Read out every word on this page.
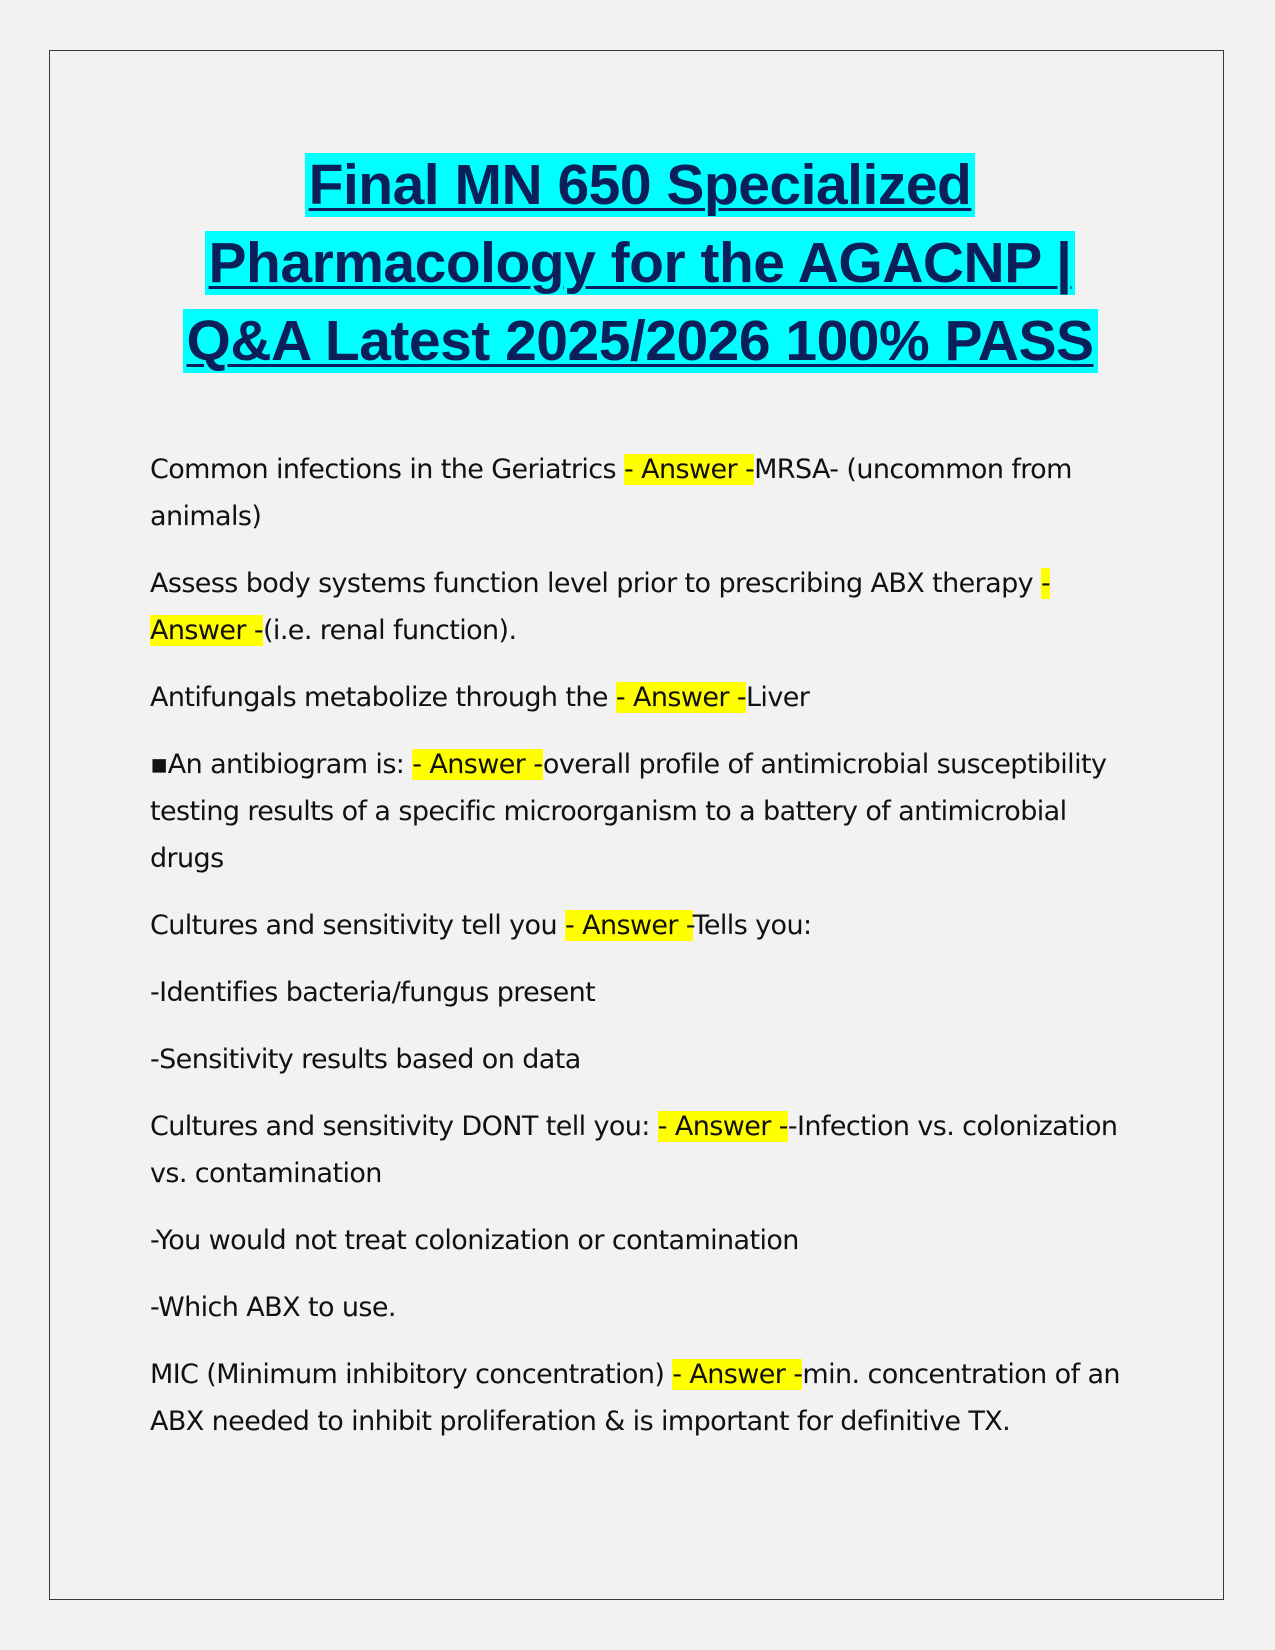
Final MN 650 Specialized
Pharmacology for the AGACNP |
Q&A Latest 2025/2026 100% PASS

Common infections in the Geriatrics - Answer -MRSA- (uncommon from animals)

Assess body systems function level prior to prescribing ABX therapy - Answer -(i.e. renal function).

Antifungals metabolize through the - Answer -Liver

▪An antibiogram is: - Answer -overall profile of antimicrobial susceptibility testing results of a specific microorganism to a battery of antimicrobial drugs

Cultures and sensitivity tell you - Answer -Tells you:

-Identifies bacteria/fungus present

-Sensitivity results based on data

Cultures and sensitivity DONT tell you: - Answer --Infection vs. colonization vs. contamination

-You would not treat colonization or contamination

-Which ABX to use.

MIC (Minimum inhibitory concentration) - Answer -min. concentration of an ABX needed to inhibit proliferation & is important for definitive TX.
